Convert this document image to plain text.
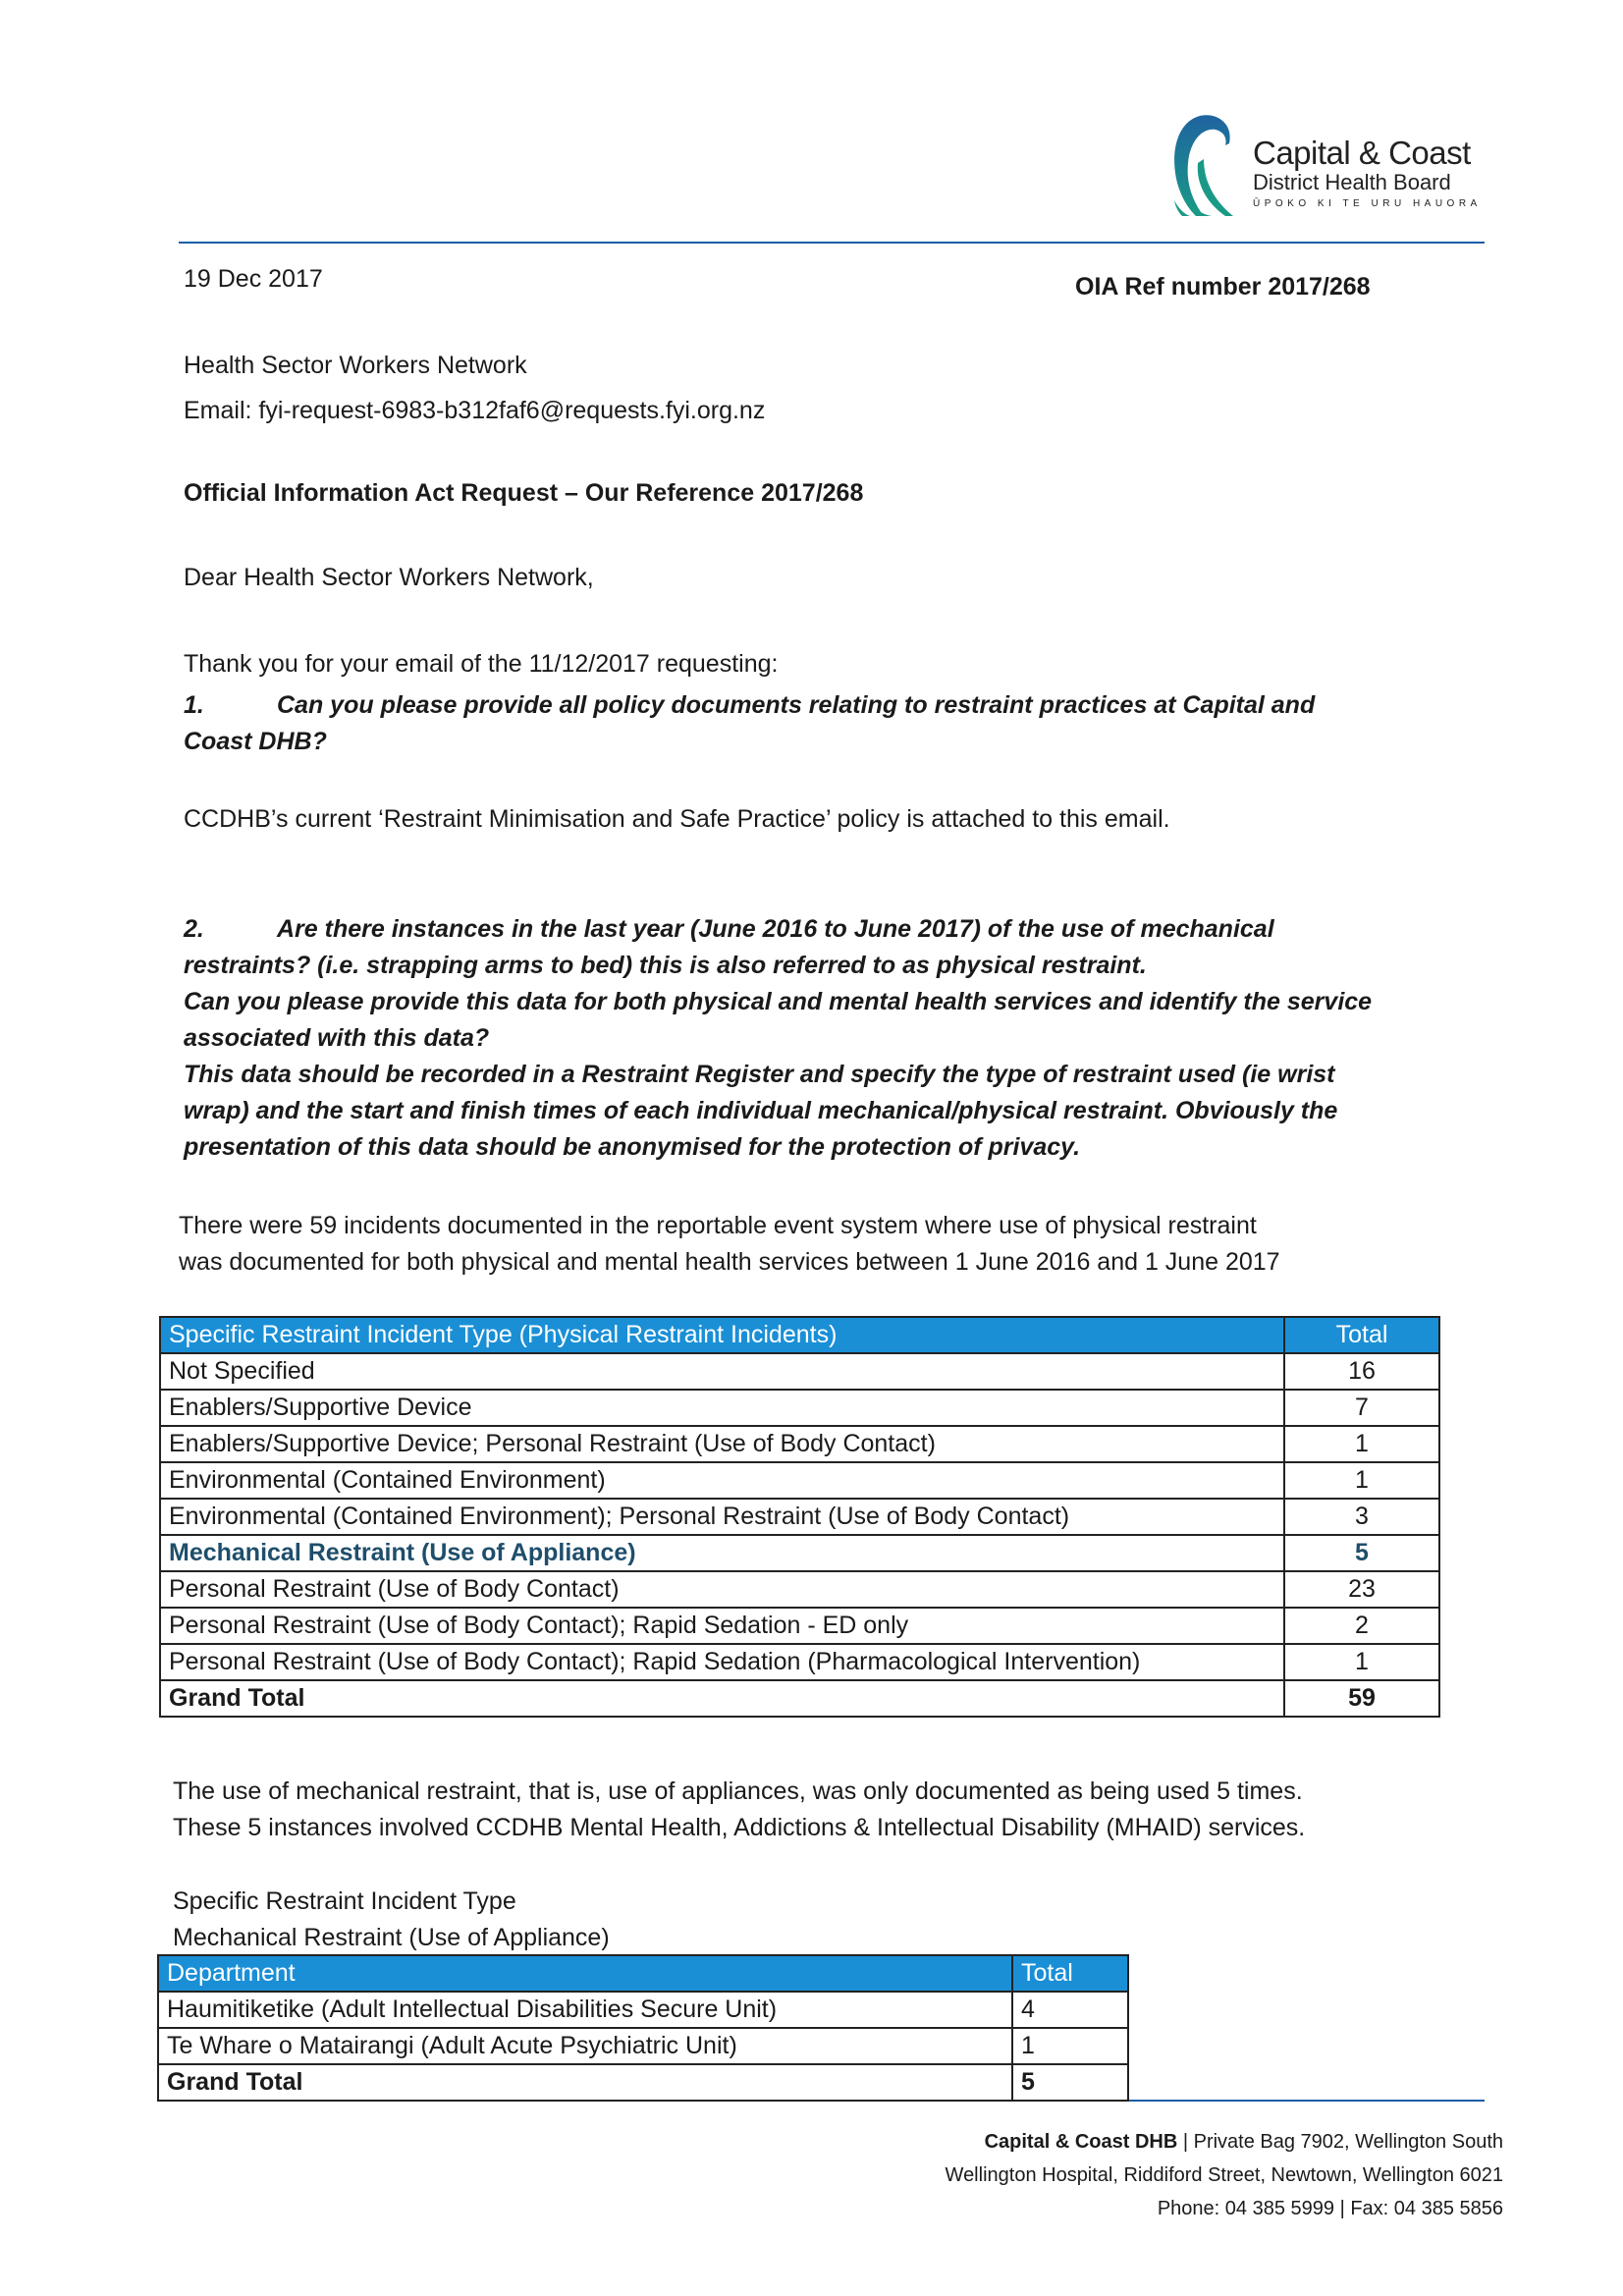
Capital & Coast
District Health Board
ŪPOKO KI TE URU HAUORA
19 Dec 2017	OIA Ref number 2017/268
Health Sector Workers Network
Email: fyi-request-6983-b312faf6@requests.fyi.org.nz
Official Information Act Request – Our Reference 2017/268
Dear Health Sector Workers Network,
Thank you for your email of the 11/12/2017 requesting:
1.	Can you please provide all policy documents relating to restraint practices at Capital and
Coast DHB?
CCDHB’s current ‘Restraint Minimisation and Safe Practice’ policy is attached to this email.
2.	Are there instances in the last year (June 2016 to June 2017) of the use of mechanical
restraints? (i.e. strapping arms to bed) this is also referred to as physical restraint.
Can you please provide this data for both physical and mental health services and identify the service
associated with this data?
This data should be recorded in a Restraint Register and specify the type of restraint used (ie wrist
wrap) and the start and finish times of each individual mechanical/physical restraint. Obviously the
presentation of this data should be anonymised for the protection of privacy.
There were 59 incidents documented in the reportable event system where use of physical restraint
was documented for both physical and mental health services between 1 June 2016 and 1 June 2017
Specific Restraint Incident Type (Physical Restraint Incidents)	Total
Not Specified	16
Enablers/Supportive Device	7
Enablers/Supportive Device; Personal Restraint (Use of Body Contact)	1
Environmental (Contained Environment)	1
Environmental (Contained Environment); Personal Restraint (Use of Body Contact)	3
Mechanical Restraint (Use of Appliance)	5
Personal Restraint (Use of Body Contact)	23
Personal Restraint (Use of Body Contact); Rapid Sedation - ED only	2
Personal Restraint (Use of Body Contact); Rapid Sedation (Pharmacological Intervention)	1
Grand Total	59
The use of mechanical restraint, that is, use of appliances, was only documented as being used 5 times.
These 5 instances involved CCDHB Mental Health, Addictions & Intellectual Disability (MHAID) services.
Specific Restraint Incident Type
Mechanical Restraint (Use of Appliance)
Department	Total
Haumitiketike (Adult Intellectual Disabilities Secure Unit)	4
Te Whare o Matairangi (Adult Acute Psychiatric Unit)	1
Grand Total	5
Capital & Coast DHB | Private Bag 7902, Wellington South
Wellington Hospital, Riddiford Street, Newtown, Wellington 6021
Phone: 04 385 5999 | Fax: 04 385 5856
